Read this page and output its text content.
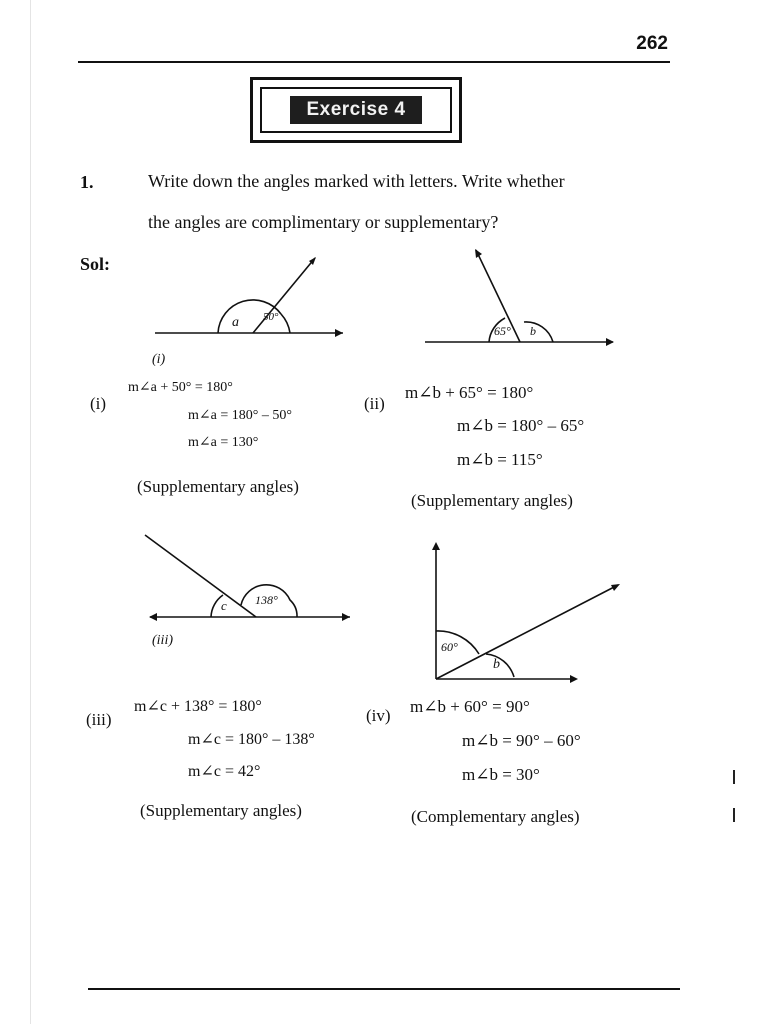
262
Exercise 4
1.	Write down the angles marked with letters. Write whether
the angles are complimentary or supplementary?
Sol:
a 50°
(i)
65° b
c 138°
(iii)	60°
b
(i)
m∠a + 50° = 180°
m∠a = 180° – 50°
m∠a = 130°
(Supplementary angles)
(ii)
m∠b + 65° = 180°
m∠b = 180° – 65°
m∠b = 115°
(Supplementary angles)
(iii)
m∠c + 138° = 180°
m∠c = 180° – 138°
m∠c = 42°
(Supplementary angles)
(iv) m∠b + 60° = 90°
m∠b = 90° – 60°
m∠b = 30°
(Complementary angles)
